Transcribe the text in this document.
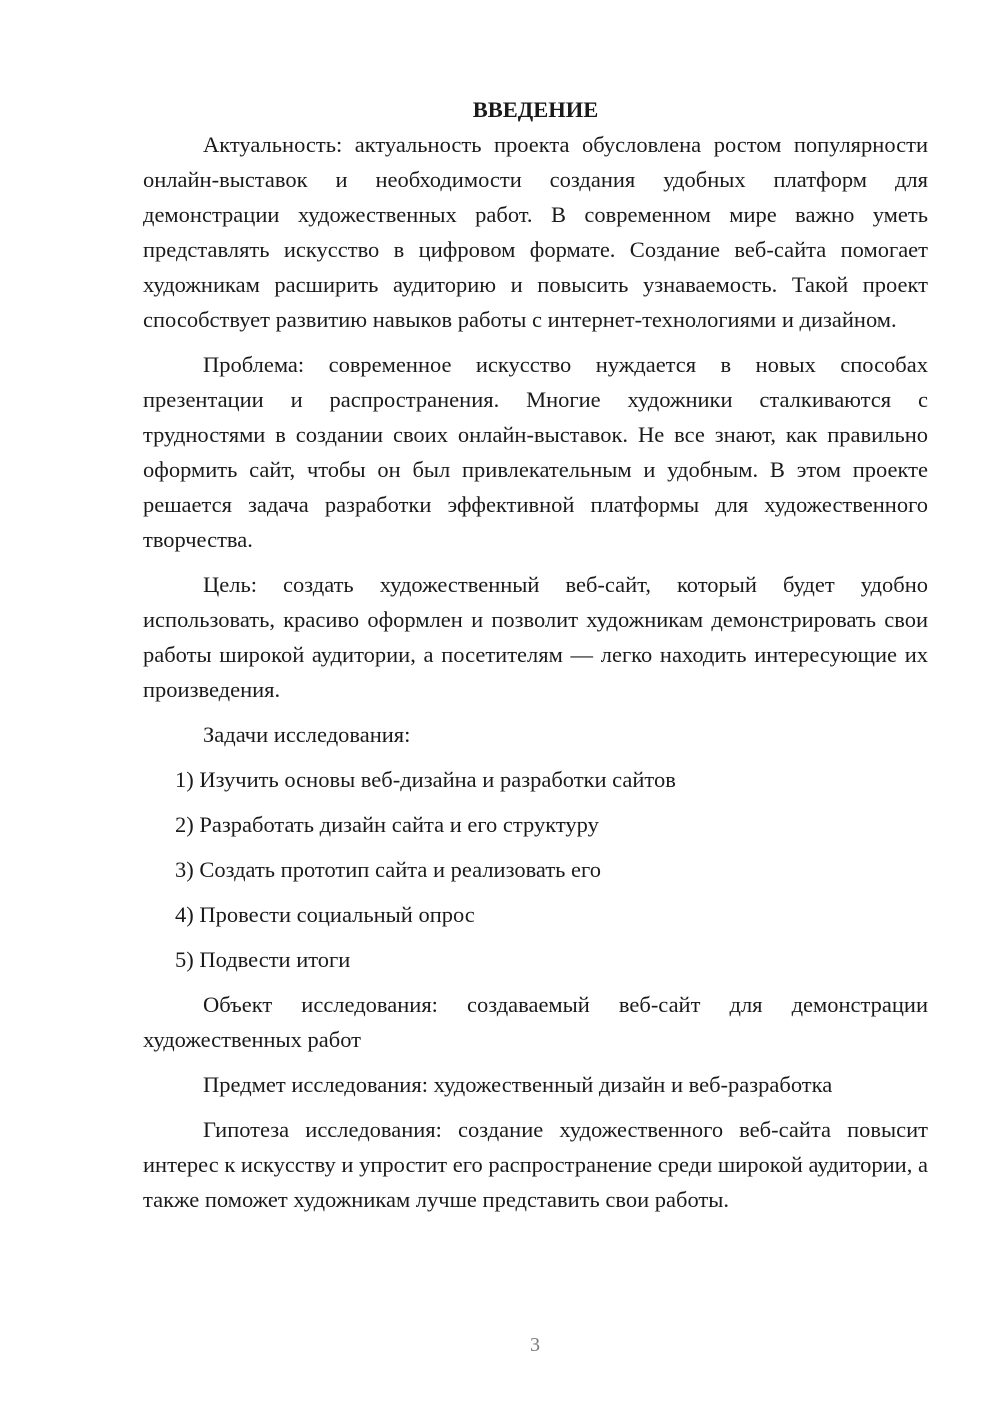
ВВЕДЕНИЕ

Актуальность: актуальность проекта обусловлена ростом популярности онлайн-выставок и необходимости создания удобных платформ для демонстрации художественных работ. В современном мире важно уметь представлять искусство в цифровом формате. Создание веб-сайта помогает художникам расширить аудиторию и повысить узнаваемость. Такой проект способствует развитию навыков работы с интернет-технологиями и дизайном.

Проблема: современное искусство нуждается в новых способах презентации и распространения. Многие художники сталкиваются с трудностями в создании своих онлайн-выставок. Не все знают, как правильно оформить сайт, чтобы он был привлекательным и удобным. В этом проекте решается задача разработки эффективной платформы для художественного творчества.

Цель: создать художественный веб-сайт, который будет удобно использовать, красиво оформлен и позволит художникам демонстрировать свои работы широкой аудитории, а посетителям — легко находить интересующие их произведения.

Задачи исследования:

1) Изучить основы веб-дизайна и разработки сайтов
2) Разработать дизайн сайта и его структуру
3) Создать прототип сайта и реализовать его
4) Провести социальный опрос
5) Подвести итоги

Объект исследования: создаваемый веб-сайт для демонстрации художественных работ

Предмет исследования: художественный дизайн и веб-разработка

Гипотеза исследования: создание художественного веб-сайта повысит интерес к искусству и упростит его распространение среди широкой аудитории, а также поможет художникам лучше представить свои работы.

3
